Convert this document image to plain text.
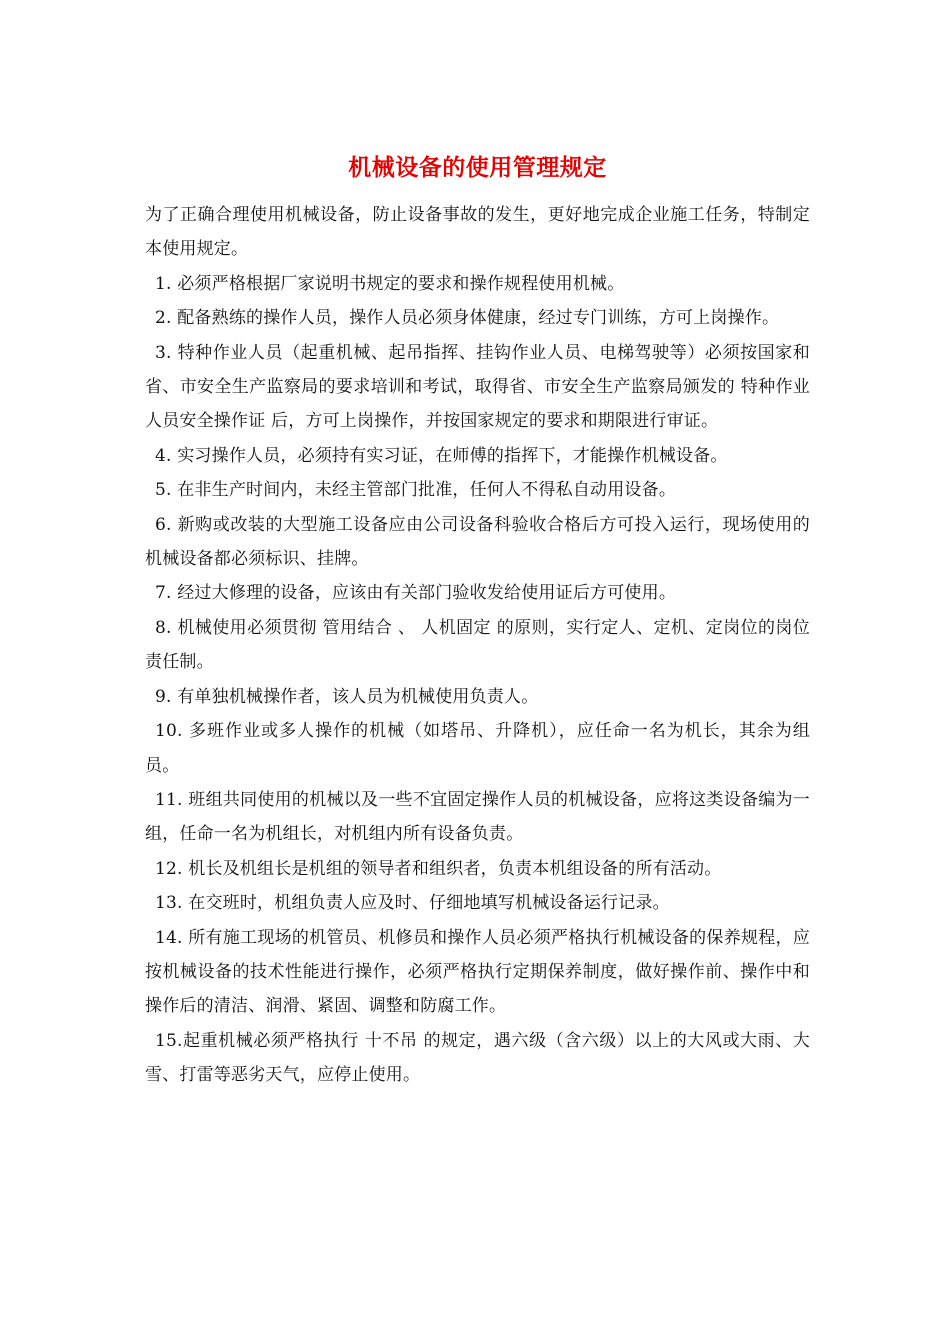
机械设备的使用管理规定

为了正确合理使用机械设备，防止设备事故的发生，更好地完成企业施工任务，特制定本使用规定。

1. 必须严格根据厂家说明书规定的要求和操作规程使用机械。

2. 配备熟练的操作人员，操作人员必须身体健康，经过专门训练，方可上岗操作。

3. 特种作业人员（起重机械、起吊指挥、挂钩作业人员、电梯驾驶等）必须按国家和省、市安全生产监察局的要求培训和考试，取得省、市安全生产监察局颁发的 特种作业人员安全操作证 后，方可上岗操作，并按国家规定的要求和期限进行审证。

4. 实习操作人员，必须持有实习证，在师傅的指挥下，才能操作机械设备。

5. 在非生产时间内，未经主管部门批准，任何人不得私自动用设备。

6. 新购或改装的大型施工设备应由公司设备科验收合格后方可投入运行，现场使用的机械设备都必须标识、挂牌。

7. 经过大修理的设备，应该由有关部门验收发给使用证后方可使用。

8. 机械使用必须贯彻 管用结合 、 人机固定 的原则，实行定人、定机、定岗位的岗位责任制。

9. 有单独机械操作者，该人员为机械使用负责人。

10. 多班作业或多人操作的机械（如塔吊、升降机），应任命一名为机长，其余为组员。

11. 班组共同使用的机械以及一些不宜固定操作人员的机械设备，应将这类设备编为一组，任命一名为机组长，对机组内所有设备负责。

12. 机长及机组长是机组的领导者和组织者，负责本机组设备的所有活动。

13. 在交班时，机组负责人应及时、仔细地填写机械设备运行记录。

14. 所有施工现场的机管员、机修员和操作人员必须严格执行机械设备的保养规程，应按机械设备的技术性能进行操作，必须严格执行定期保养制度，做好操作前、操作中和操作后的清洁、润滑、紧固、调整和防腐工作。

15.起重机械必须严格执行 十不吊 的规定，遇六级（含六级）以上的大风或大雨、大雪、打雷等恶劣天气，应停止使用。
